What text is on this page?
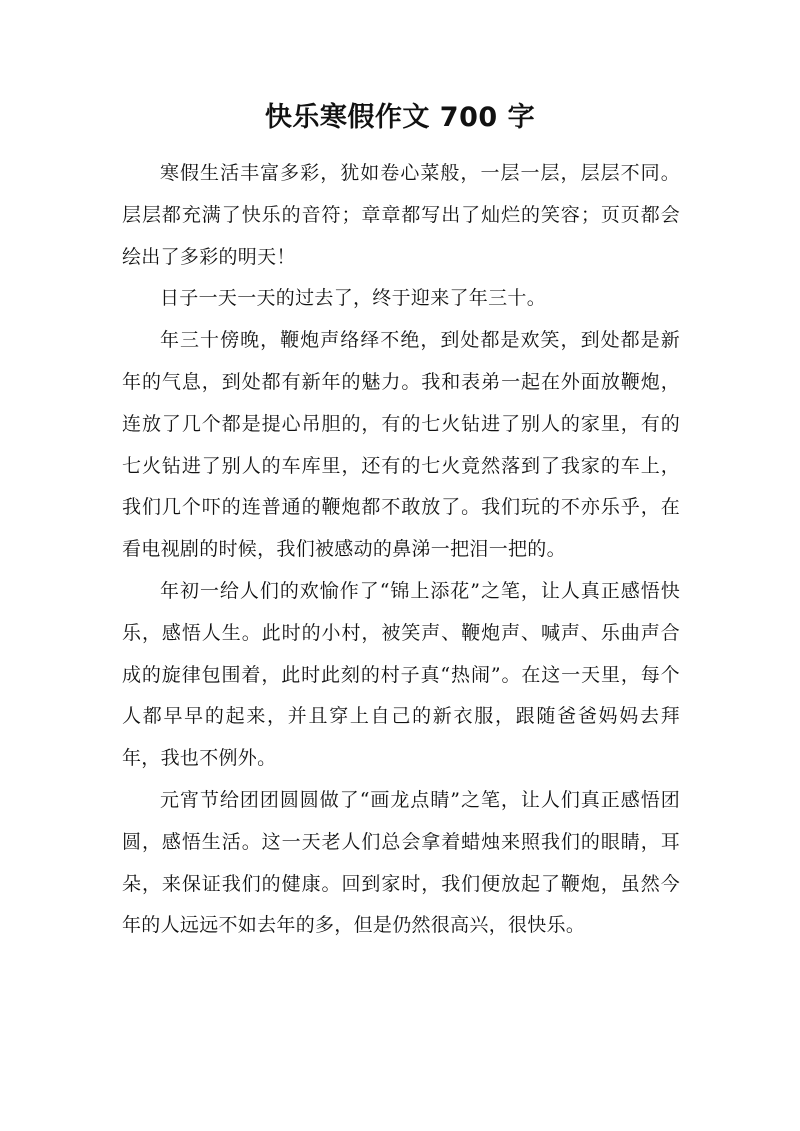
快乐寒假作文 700 字

寒假生活丰富多彩，犹如卷心菜般，一层一层，层层不同。层层都充满了快乐的音符；章章都写出了灿烂的笑容；页页都会绘出了多彩的明天！

日子一天一天的过去了，终于迎来了年三十。

年三十傍晚，鞭炮声络绎不绝，到处都是欢笑，到处都是新年的气息，到处都有新年的魅力。我和表弟一起在外面放鞭炮，连放了几个都是提心吊胆的，有的七火钻进了别人的家里，有的七火钻进了别人的车库里，还有的七火竟然落到了我家的车上，我们几个吓的连普通的鞭炮都不敢放了。我们玩的不亦乐乎，在看电视剧的时候，我们被感动的鼻涕一把泪一把的。

年初一给人们的欢愉作了“锦上添花”之笔，让人真正感悟快乐，感悟人生。此时的小村，被笑声、鞭炮声、喊声、乐曲声合成的旋律包围着，此时此刻的村子真“热闹”。在这一天里，每个人都早早的起来，并且穿上自己的新衣服，跟随爸爸妈妈去拜年，我也不例外。

元宵节给团团圆圆做了“画龙点睛”之笔，让人们真正感悟团圆，感悟生活。这一天老人们总会拿着蜡烛来照我们的眼睛，耳朵，来保证我们的健康。回到家时，我们便放起了鞭炮，虽然今年的人远远不如去年的多，但是仍然很高兴，很快乐。
